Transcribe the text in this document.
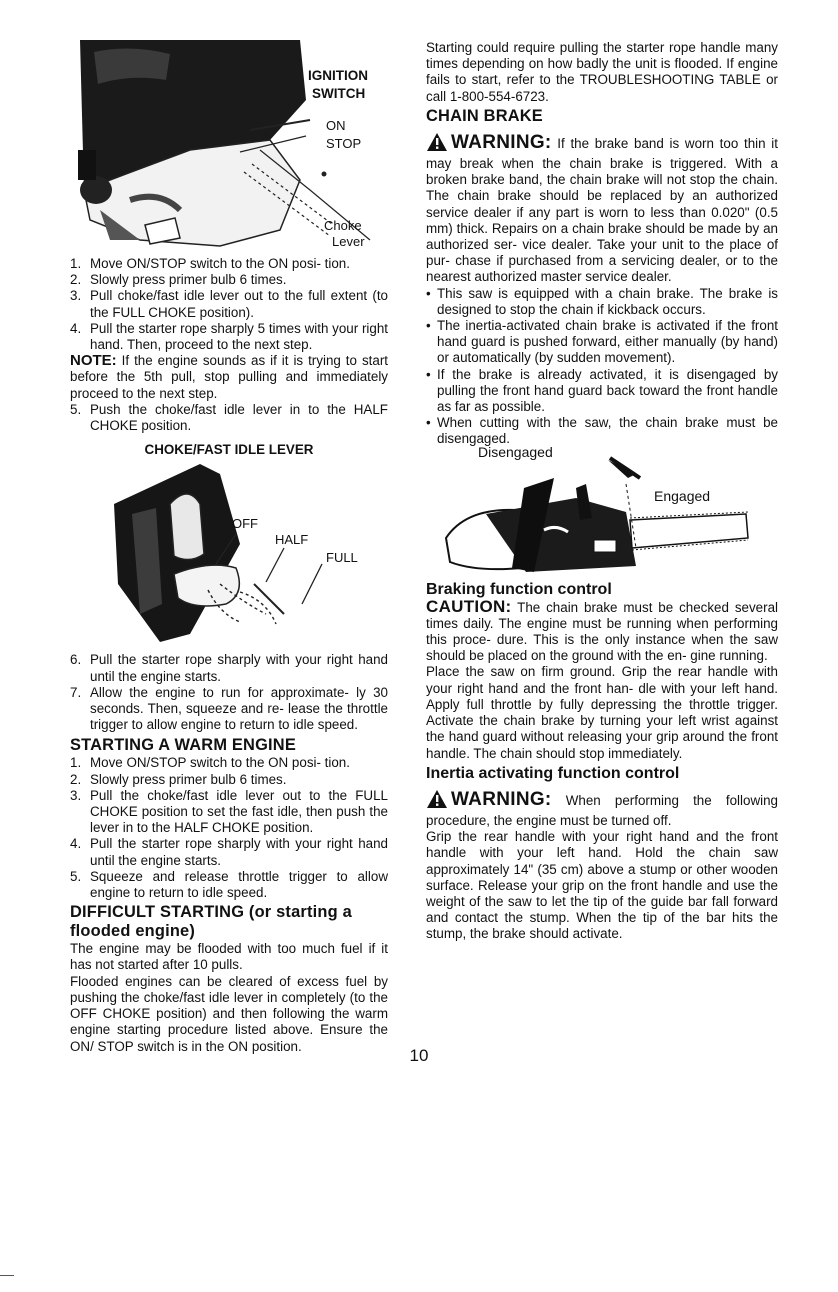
IGNITION
SWITCH
ON
STOP
Choke
Lever
1. Move ON/STOP switch to the ON posi- tion.
2. Slowly press primer bulb 6 times.
3. Pull choke/fast idle lever out to the full extent (to the FULL CHOKE position).
4. Pull the starter rope sharply 5 times with your right hand. Then, proceed to the next step.

NOTE: If the engine sounds as if it is trying to start before the 5th pull, stop pulling and immediately proceed to the next step.

5. Push the choke/fast idle lever in to the HALF CHOKE position.
CHOKE/FAST IDLE LEVER
OFF
HALF
FULL
6. Pull the starter rope sharply with your right hand until the engine starts.
7. Allow the engine to run for approximate- ly 30 seconds. Then, squeeze and re- lease the throttle trigger to allow engine to return to idle speed.
STARTING A WARM ENGINE
1. Move ON/STOP switch to the ON posi- tion.
2. Slowly press primer bulb 6 times.
3. Pull the choke/fast idle lever out to the FULL CHOKE position to set the fast idle, then push the lever in to the HALF CHOKE position.
4. Pull the starter rope sharply with your right hand until the engine starts.
5. Squeeze and release throttle trigger to allow engine to return to idle speed.
DIFFICULT STARTING (or starting a flooded engine)

The engine may be flooded with too much fuel if it has not started after 10 pulls.

Flooded engines can be cleared of excess fuel by pushing the choke/fast idle lever in completely (to the OFF CHOKE position) and then following the warm engine starting procedure listed above. Ensure the ON/ STOP switch is in the ON position.

Starting could require pulling the starter rope handle many times depending on how badly the unit is flooded. If engine fails to start, refer to the TROUBLESHOOTING TABLE or call 1-800-554-6723.

CHAIN BRAKE

WARNING: If the brake band is worn too thin it may break when the chain brake is triggered. With a broken brake band, the chain brake will not stop the chain. The chain brake should be replaced by an authorized service dealer if any part is worn to less than 0.020" (0.5 mm) thick. Repairs on a chain brake should be made by an authorized ser- vice dealer. Take your unit to the place of pur- chase if purchased from a servicing dealer, or to the nearest authorized master service dealer.

• This saw is equipped with a chain brake. The brake is designed to stop the chain if kickback occurs.
• The inertia-activated chain brake is activated if the front hand guard is pushed forward, either manually (by hand) or automatically (by sudden movement).
• If the brake is already activated, it is disengaged by pulling the front hand guard back toward the front handle as far as possible.
• When cutting with the saw, the chain brake must be disengaged.
Disengaged
Engaged
Braking function control

CAUTION: The chain brake must be checked several times daily. The engine must be running when performing this proce- dure. This is the only instance when the saw should be placed on the ground with the en- gine running.

Place the saw on firm ground. Grip the rear handle with your right hand and the front han- dle with your left hand. Apply full throttle by fully depressing the throttle trigger. Activate the chain brake by turning your left wrist against the hand guard without releasing your grip around the front handle. The chain should stop immediately.

Inertia activating function control

WARNING: When performing the following procedure, the engine must be turned off.

Grip the rear handle with your right hand and the front handle with your left hand. Hold the chain saw approximately 14" (35 cm) above a stump or other wooden surface. Release your grip on the front handle and use the weight of the saw to let the tip of the guide bar fall forward and contact the stump. When the tip of the bar hits the stump, the brake should activate.

10
